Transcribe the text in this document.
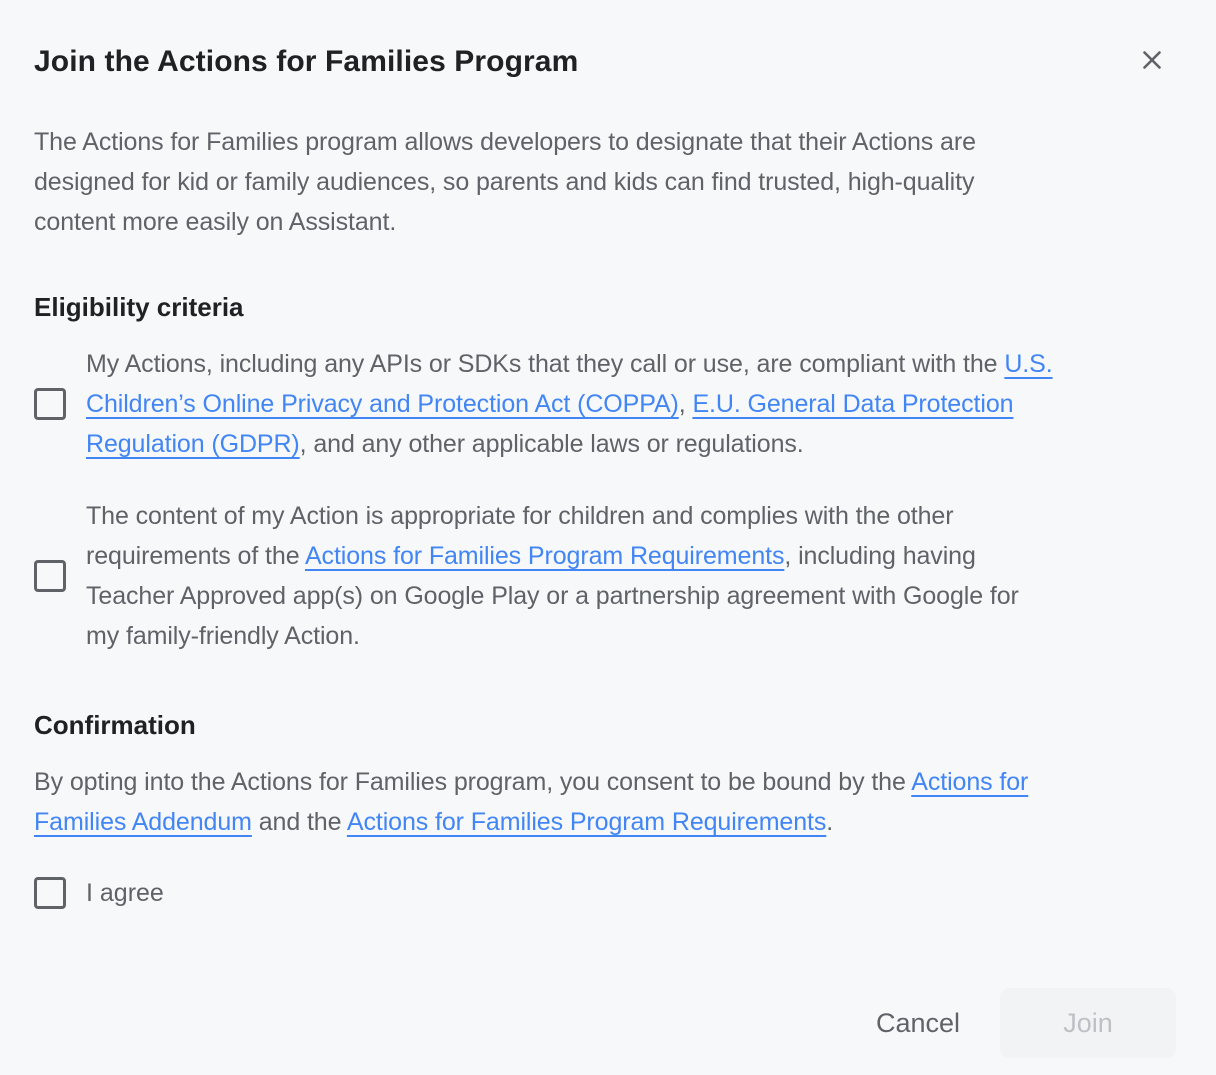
Join the Actions for Families Program

The Actions for Families program allows developers to designate that their Actions are
designed for kid or family audiences, so parents and kids can find trusted, high-quality
content more easily on Assistant.

Eligibility criteria

My Actions, including any APIs or SDKs that they call or use, are compliant with the U.S.
Children’s Online Privacy and Protection Act (COPPA), E.U. General Data Protection
Regulation (GDPR), and any other applicable laws or regulations.

The content of my Action is appropriate for children and complies with the other
requirements of the Actions for Families Program Requirements, including having
Teacher Approved app(s) on Google Play or a partnership agreement with Google for
my family-friendly Action.

Confirmation

By opting into the Actions for Families program, you consent to be bound by the Actions for
Families Addendum and the Actions for Families Program Requirements.

I agree
Cancel	Join
